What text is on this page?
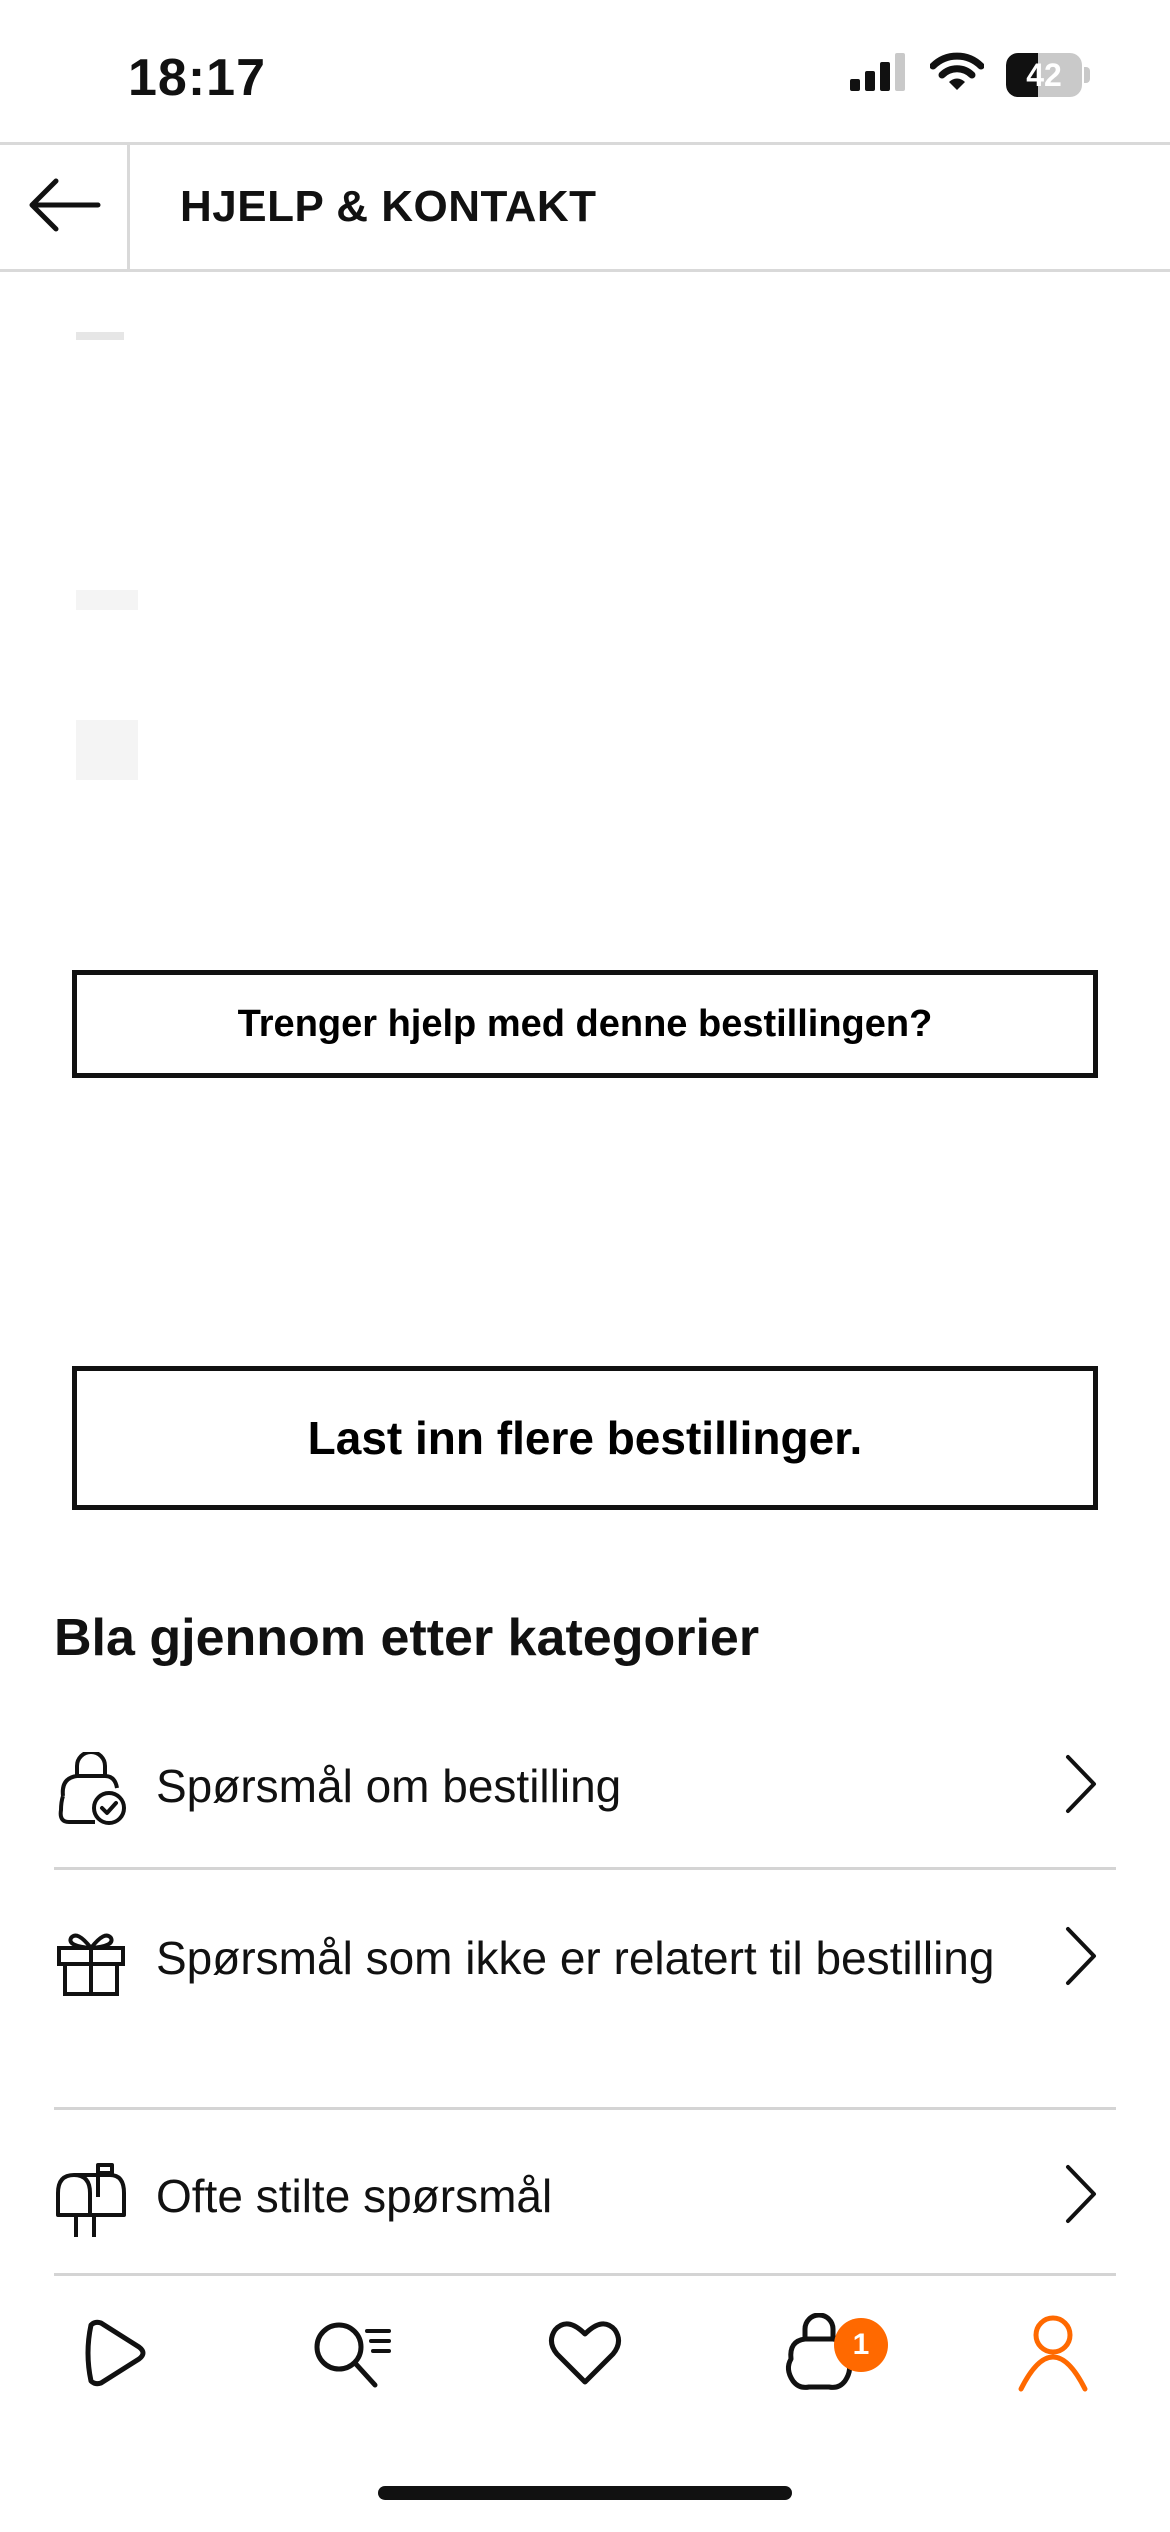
18:17	42
HJELP & KONTAKT
Trenger hjelp med denne bestillingen?
Last inn flere bestillinger.
Bla gjennom etter kategorier
Spørsmål om bestilling
Spørsmål som ikke er relatert til bestilling
Ofte stilte spørsmål
1
